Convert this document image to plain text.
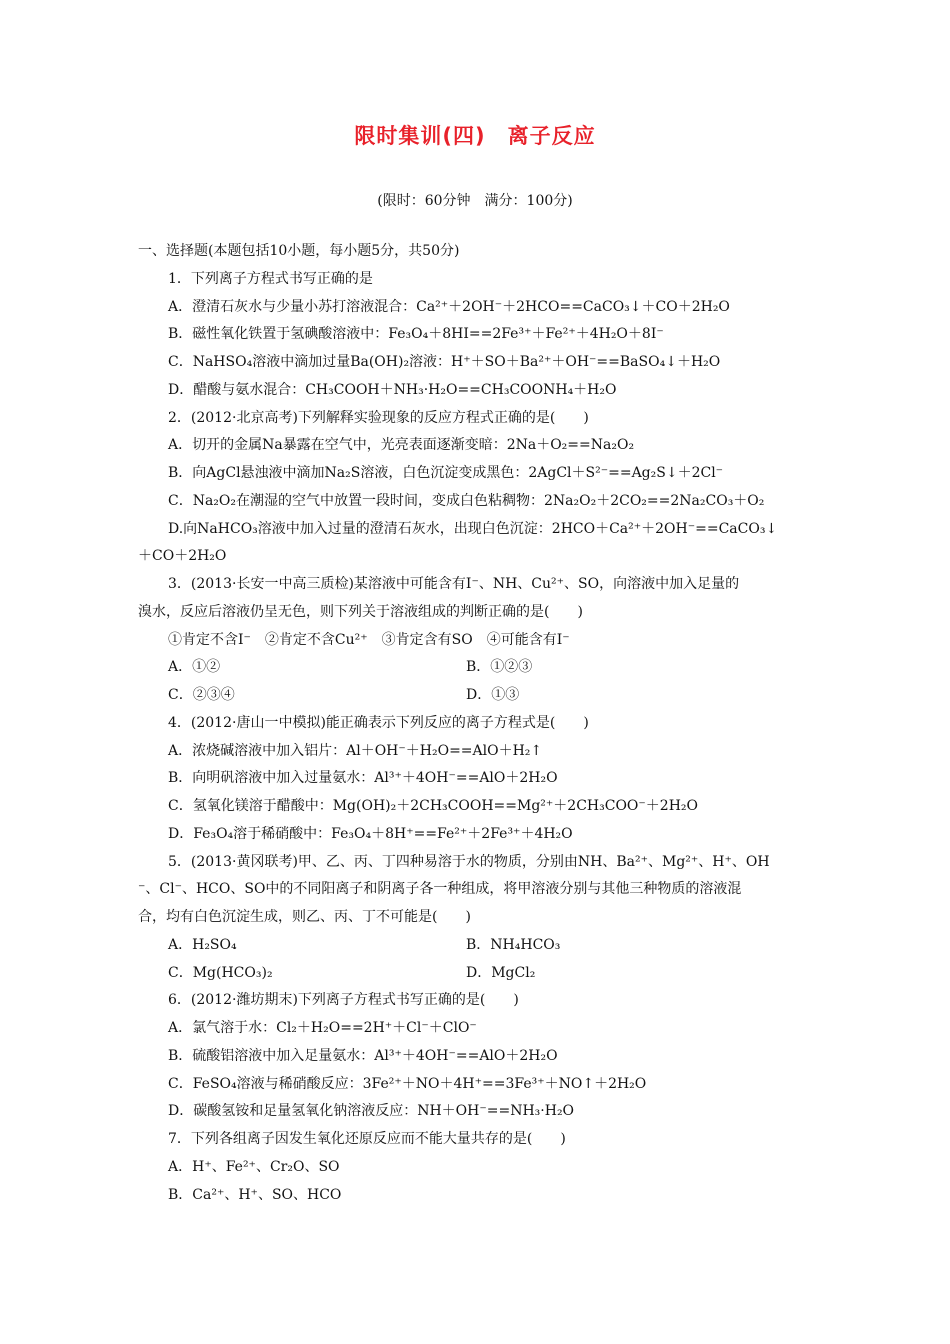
限时集训(四)　离子反应
(限时：60分钟　满分：100分)
一、选择题(本题包括10小题，每小题5分，共50分)
1．下列离子方程式书写正确的是
A．澄清石灰水与少量小苏打溶液混合：Ca²⁺＋2OH⁻＋2HCO==CaCO₃↓＋CO＋2H₂O
B．磁性氧化铁置于氢碘酸溶液中：Fe₃O₄＋8HI==2Fe³⁺＋Fe²⁺＋4H₂O＋8I⁻
C．NaHSO₄溶液中滴加过量Ba(OH)₂溶液：H⁺＋SO＋Ba²⁺＋OH⁻==BaSO₄↓＋H₂O
D．醋酸与氨水混合：CH₃COOH＋NH₃·H₂O==CH₃COONH₄＋H₂O
2．(2012·北京高考)下列解释实验现象的反应方程式正确的是(　　)
A．切开的金属Na暴露在空气中，光亮表面逐渐变暗：2Na＋O₂==Na₂O₂
B．向AgCl悬浊液中滴加Na₂S溶液，白色沉淀变成黑色：2AgCl＋S²⁻==Ag₂S↓＋2Cl⁻
C．Na₂O₂在潮湿的空气中放置一段时间，变成白色粘稠物：2Na₂O₂＋2CO₂==2Na₂CO₃＋O₂
D.向NaHCO₃溶液中加入过量的澄清石灰水，出现白色沉淀：2HCO＋Ca²⁺＋2OH⁻==CaCO₃↓
＋CO＋2H₂O
3．(2013·长安一中高三质检)某溶液中可能含有I⁻、NH、Cu²⁺、SO，向溶液中加入足量的
溴水，反应后溶液仍呈无色，则下列关于溶液组成的判断正确的是(　　)
①肯定不含I⁻　②肯定不含Cu²⁺　③肯定含有SO　④可能含有I⁻
A．①②	B．①②③
C．②③④	D．①③
4．(2012·唐山一中模拟)能正确表示下列反应的离子方程式是(　　)
A．浓烧碱溶液中加入铝片：Al＋OH⁻＋H₂O==AlO＋H₂↑
B．向明矾溶液中加入过量氨水：Al³⁺＋4OH⁻==AlO＋2H₂O
C．氢氧化镁溶于醋酸中：Mg(OH)₂＋2CH₃COOH==Mg²⁺＋2CH₃COO⁻＋2H₂O
D．Fe₃O₄溶于稀硝酸中：Fe₃O₄＋8H⁺==Fe²⁺＋2Fe³⁺＋4H₂O
5．(2013·黄冈联考)甲、乙、丙、丁四种易溶于水的物质，分别由NH、Ba²⁺、Mg²⁺、H⁺、OH
⁻、Cl⁻、HCO、SO中的不同阳离子和阴离子各一种组成，将甲溶液分别与其他三种物质的溶液混
合，均有白色沉淀生成，则乙、丙、丁不可能是(　　)
A．H₂SO₄	B．NH₄HCO₃
C．Mg(HCO₃)₂	D．MgCl₂
6．(2012·潍坊期末)下列离子方程式书写正确的是(　　)
A．氯气溶于水：Cl₂＋H₂O==2H⁺＋Cl⁻＋ClO⁻
B．硫酸铝溶液中加入足量氨水：Al³⁺＋4OH⁻==AlO＋2H₂O
C．FeSO₄溶液与稀硝酸反应：3Fe²⁺＋NO＋4H⁺==3Fe³⁺＋NO↑＋2H₂O
D．碳酸氢铵和足量氢氧化钠溶液反应：NH＋OH⁻==NH₃·H₂O
7．下列各组离子因发生氧化还原反应而不能大量共存的是(　　)
A．H⁺、Fe²⁺、Cr₂O、SO
B．Ca²⁺、H⁺、SO、HCO
